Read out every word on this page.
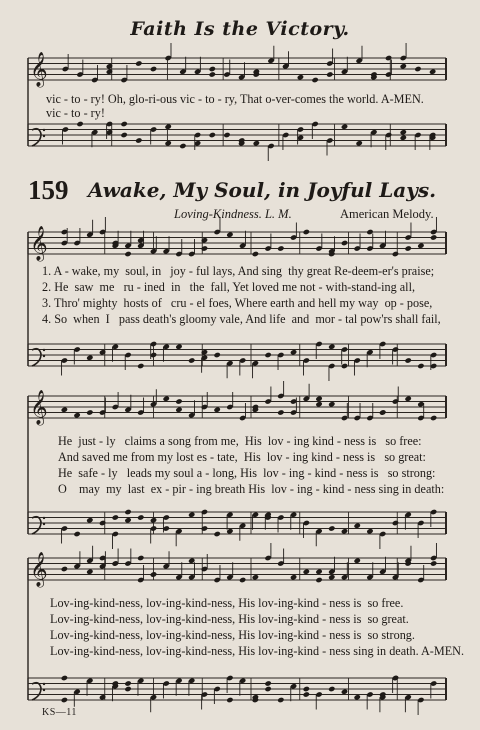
𝄞
𝄞
𝄞
𝄞
Faith Is the Victory.
vic - to - ry! Oh, glo-ri-ous vic - to - ry, That o-ver-comes the world. A-MEN.
vic - to - ry!
159 Awake, My Soul, in Joyful Lays.
Loving-Kindness. L. M.	American Melody.
1. A - wake, my  soul, in   joy - ful lays, And sing  thy great Re-deem-er's praise;
2. He  saw  me   ru - ined  in   the  fall, Yet loved me not - with-stand-ing all,
3. Thro' mighty  hosts of   cru - el foes, Where earth and hell my way  op - pose,
4. So  when  I   pass death's gloomy vale, And life  and  mor - tal pow'rs shall fail,
He  just - ly   claims a song from me,  His  lov - ing kind - ness is   so free:
And saved me from my lost es - tate,  His  lov - ing kind - ness is   so great:
He  safe - ly   leads my soul a - long, His  lov - ing - kind - ness is   so strong:
O    may  my  last  ex - pir - ing breath His  lov - ing - kind - ness sing in death:
Lov-ing-kind-ness, lov-ing-kind-ness, His lov-ing-kind - ness is  so free.
Lov-ing-kind-ness, lov-ing-kind-ness, His lov-ing-kind - ness is  so great.
Lov-ing-kind-ness, lov-ing-kind-ness, His lov-ing-kind - ness is  so strong.
Lov-ing-kind-ness, lov-ing-kind-ness, His lov-ing-kind - ness sing in death. A-MEN.
KS—11
